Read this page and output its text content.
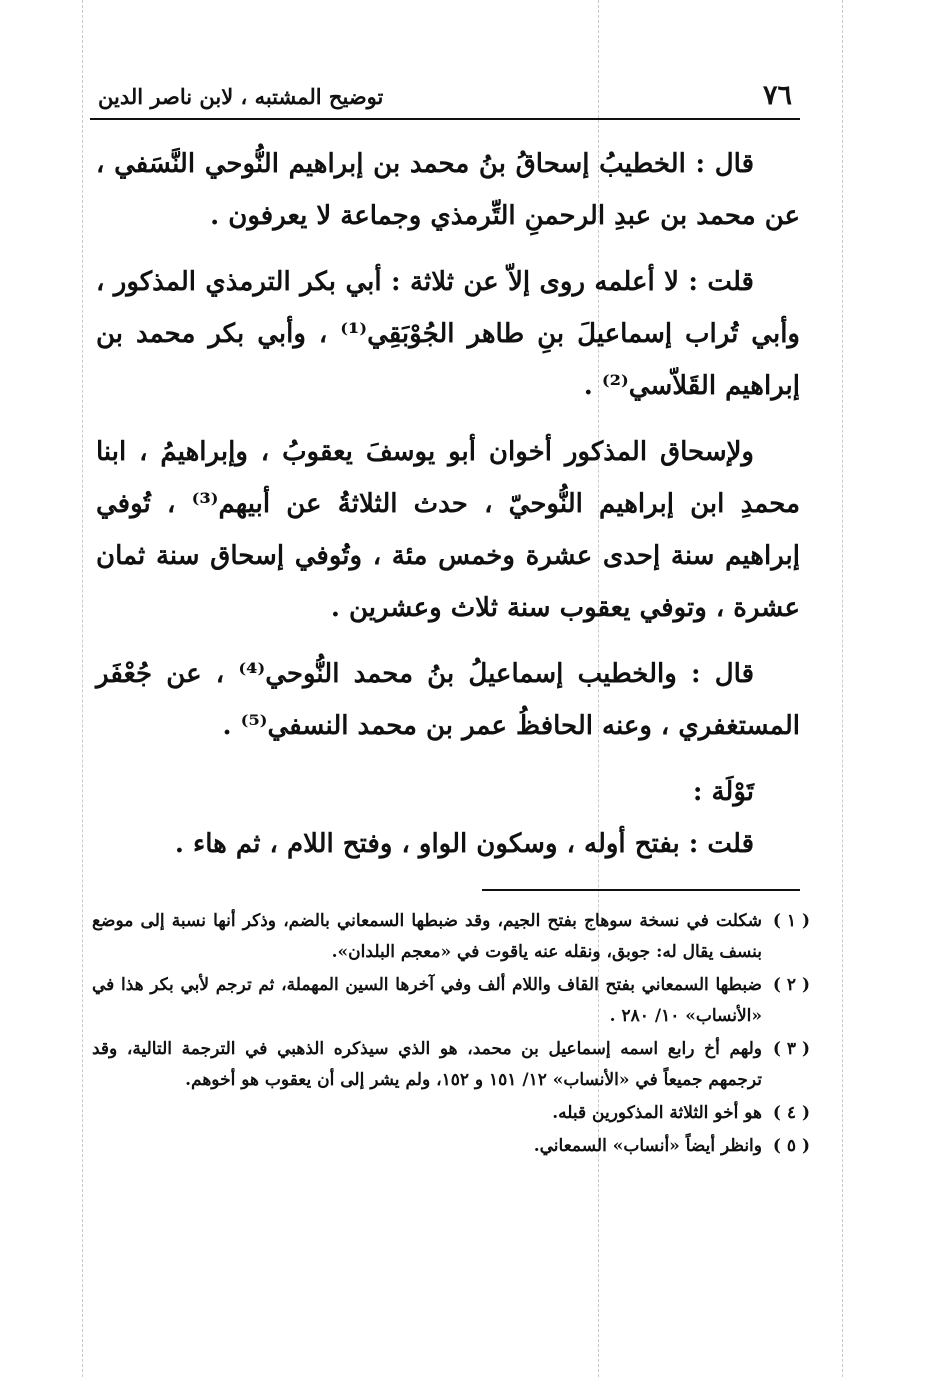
٧٦
توضيح المشتبه ، لابن ناصر الدين

قال : الخطيبُ إسحاقُ بنُ محمد بن إبراهيم النُّوحي النَّسَفي ، عن محمد بن عبدِ الرحمنِ التِّرمذي وجماعة لا يعرفون .

قلت : لا أعلمه روى إلاّ عن ثلاثة : أبي بكر الترمذي المذكور ، وأبي تُراب إسماعيلَ بنِ طاهر الجُوْبَقِي⁽¹⁾ ، وأبي بكر محمد بن إبراهيم القَلاّسي⁽²⁾ .

ولإسحاق المذكور أخوان أبو يوسفَ يعقوبُ ، وإبراهيمُ ، ابنا محمدِ ابن إبراهيم النُّوحيّ ، حدث الثلاثةُ عن أبيهم⁽³⁾ ، تُوفي إبراهيم سنة إحدى عشرة وخمس مئة ، وتُوفي إسحاق سنة ثمان عشرة ، وتوفي يعقوب سنة ثلاث وعشرين .

قال : والخطيب إسماعيلُ بنُ محمد النُّوحي⁽⁴⁾ ، عن جُعْفَر المستغفري ، وعنه الحافظُ عمر بن محمد النسفي⁽⁵⁾ .

تَوْلَة :

قلت : بفتح أوله ، وسكون الواو ، وفتح اللام ، ثم هاء .

( ١ )
شكلت في نسخة سوهاج بفتح الجيم، وقد ضبطها السمعاني بالضم، وذكر أنها نسبة إلى موضع بنسف يقال له: جوبق، ونقله عنه ياقوت في «معجم البلدان».
( ٢ )
ضبطها السمعاني بفتح القاف واللام ألف وفي آخرها السين المهملة، ثم ترجم لأبي بكر هذا في «الأنساب» ١٠/ ٢٨٠ .
( ٣ )
ولهم أخ رابع اسمه إسماعيل بن محمد، هو الذي سيذكره الذهبي في الترجمة التالية، وقد ترجمهم جميعاً في «الأنساب» ١٢/ ١٥١ و ١٥٢، ولم يشر إلى أن يعقوب هو أخوهم.
( ٤ )
هو أخو الثلاثة المذكورين قبله.
( ٥ )
وانظر أيضاً «أنساب» السمعاني.
